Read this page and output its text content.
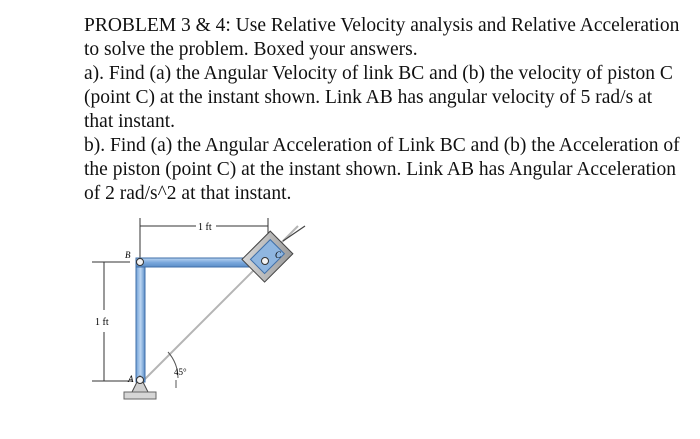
PROBLEM 3 & 4: Use Relative Velocity analysis and Relative Acceleration to solve the problem. Boxed your answers.

a). Find (a) the Angular Velocity of link BC and (b) the velocity of piston C (point C) at the instant shown. Link AB has angular velocity of 5 rad/s at that instant.

b). Find (a) the Angular Acceleration of Link BC and (b) the Acceleration of the piston (point C) at the instant shown. Link AB has Angular Acceleration of 2 rad/s^2 at that instant.

1 ft
1 ft
B	C
A
45°
